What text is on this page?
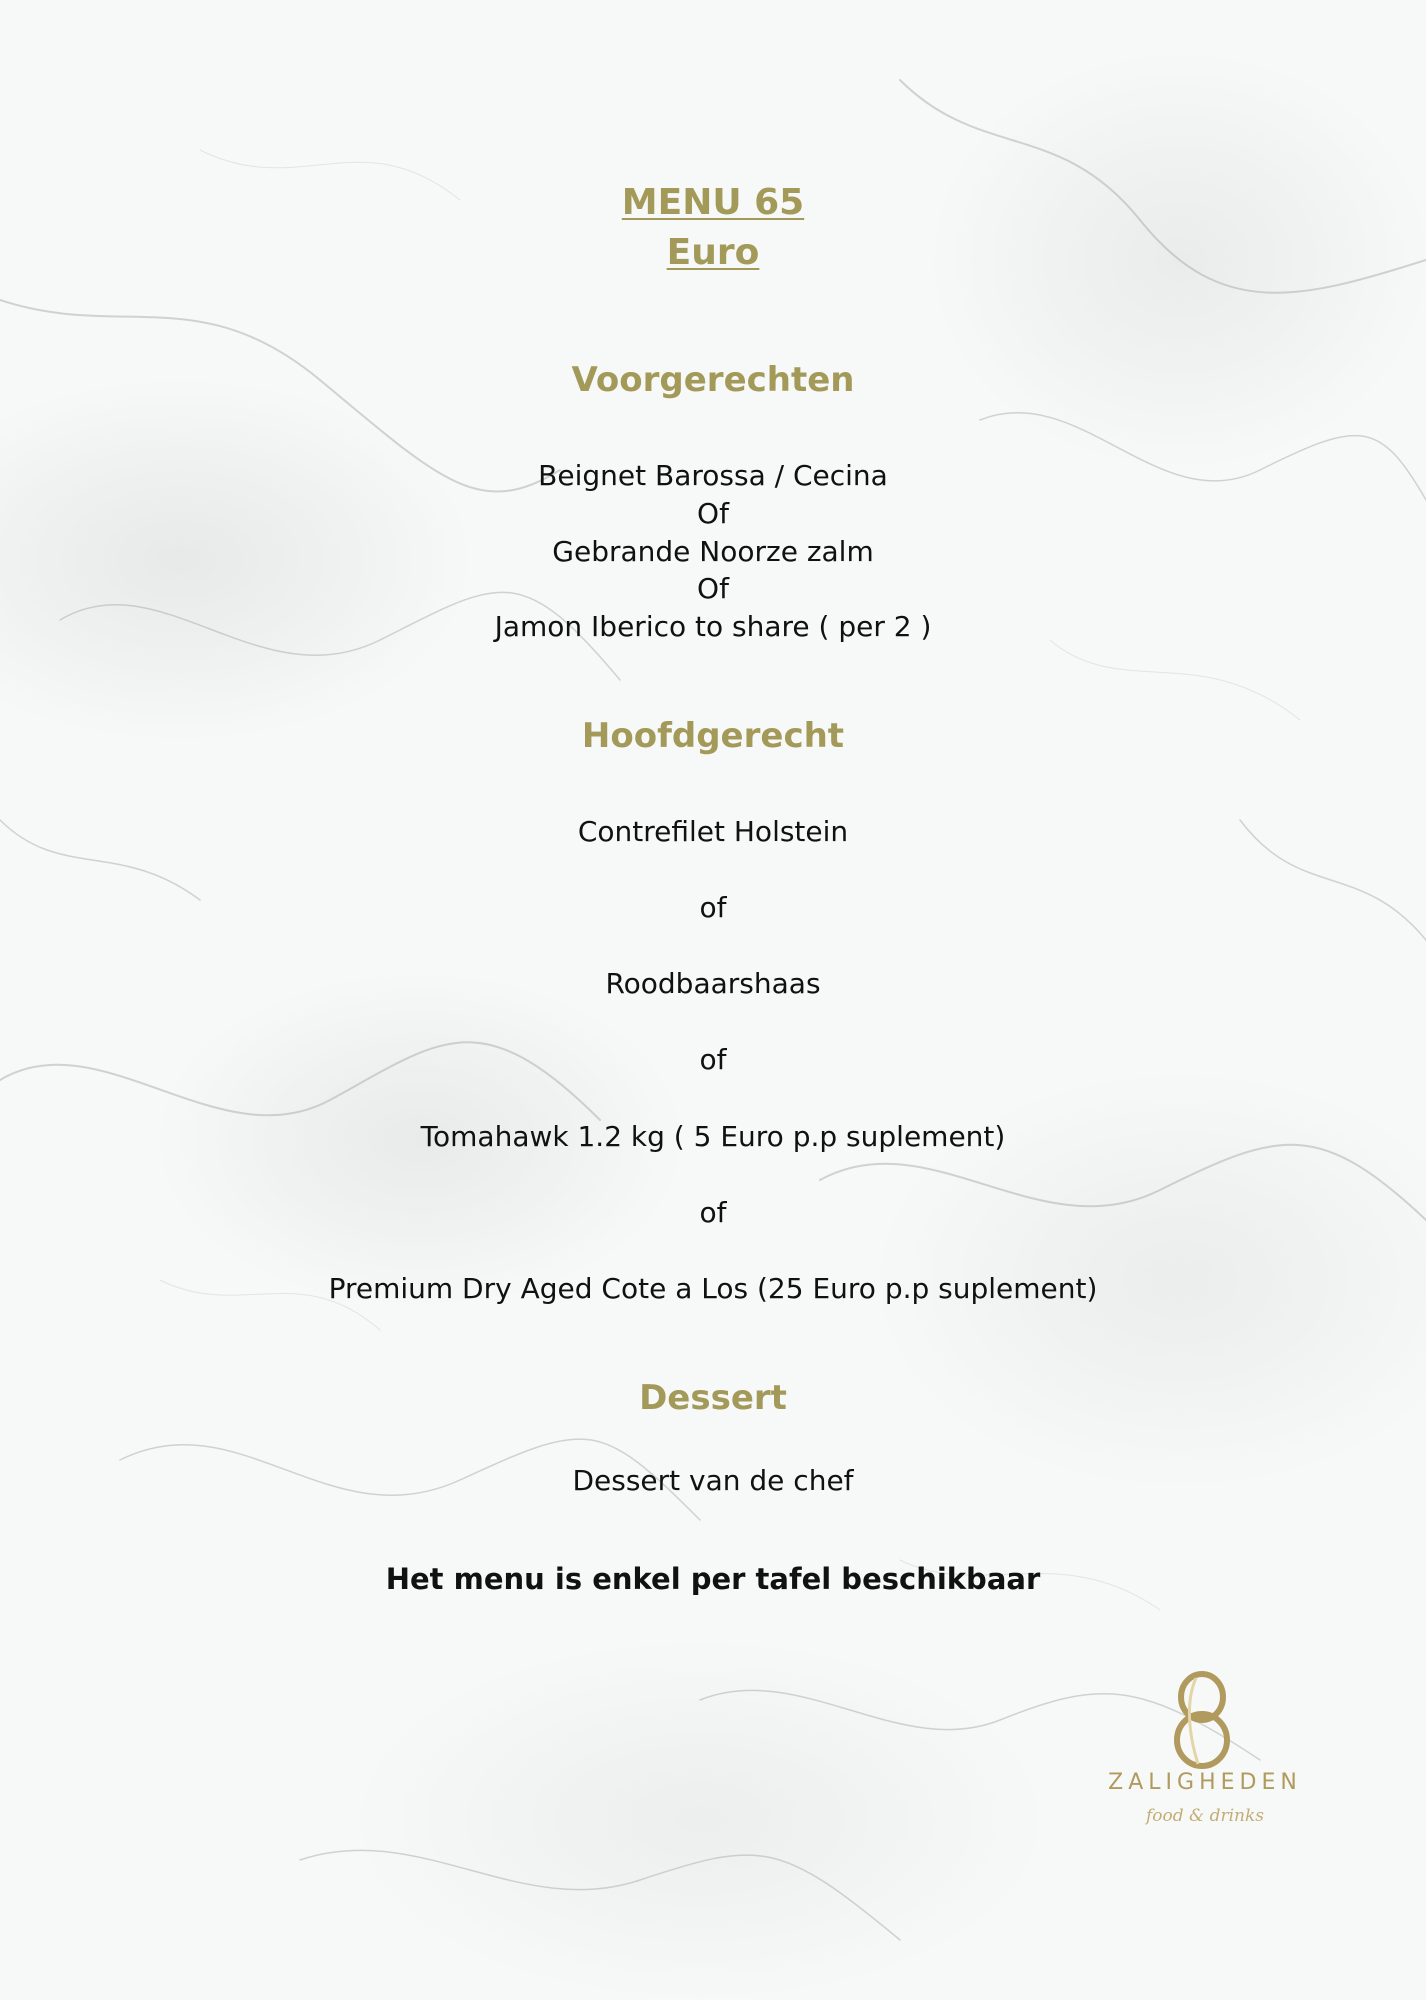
MENU 65
Euro
Voorgerechten
Beignet Barossa / Cecina
Of
Gebrande Noorze zalm
Of
Jamon Iberico to share ( per 2 )
Hoofdgerecht
Contrefilet Holstein
of
Roodbaarshaas
of
Tomahawk 1.2 kg ( 5 Euro p.p suplement)
of
Premium Dry Aged Cote a Los (25 Euro p.p suplement)
Dessert
Dessert van de chef
Het menu is enkel per tafel beschikbaar
ZALIGHEDEN
food & drinks
